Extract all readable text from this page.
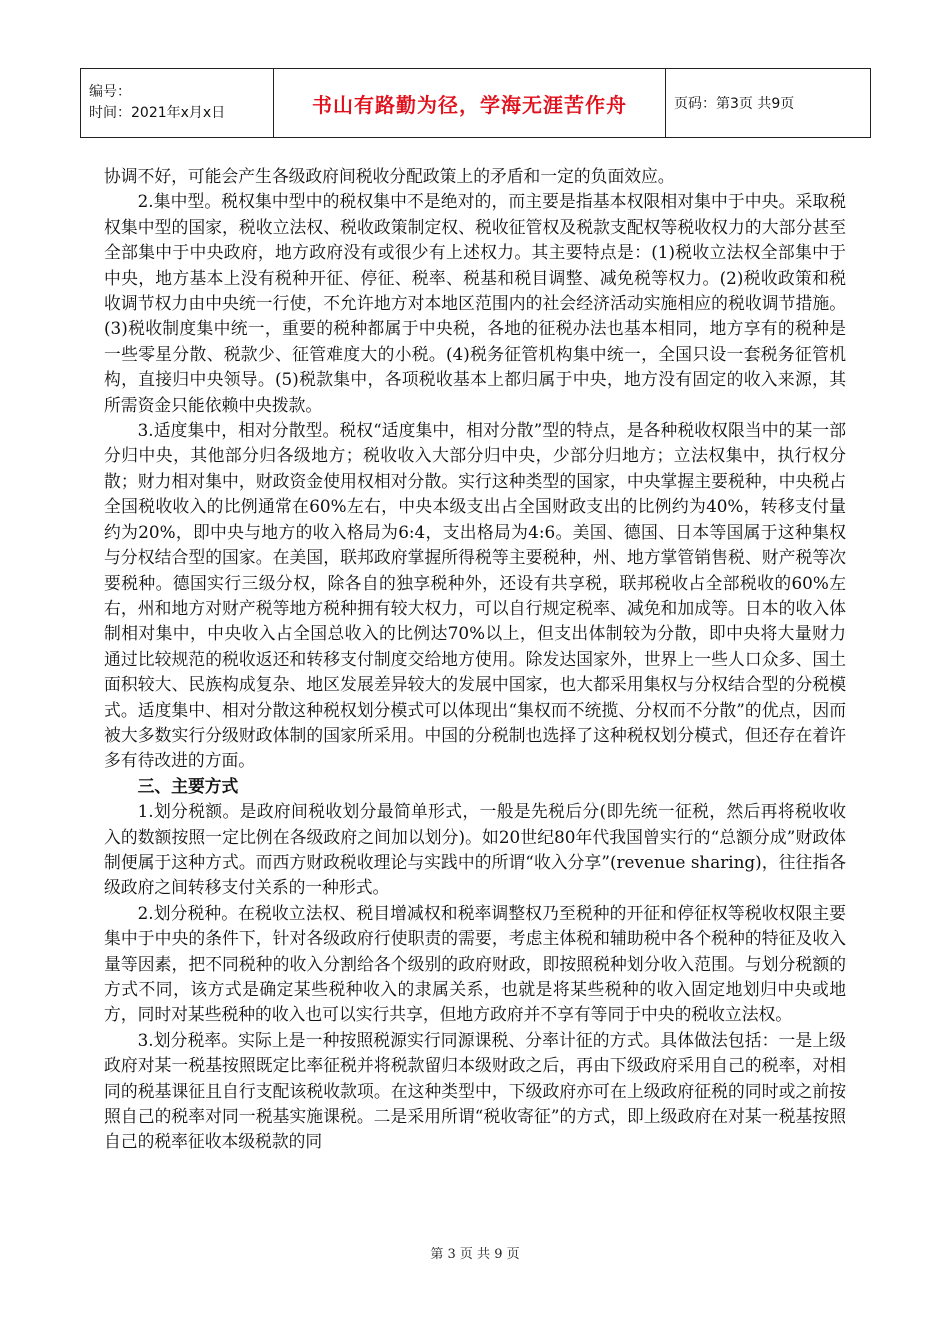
编号：
时间：2021年x月x日	书山有路勤为径，学海无涯苦作舟	页码：第3页 共9页

协调不好，可能会产生各级政府间税收分配政策上的矛盾和一定的负面效应。

2.集中型。税权集中型中的税权集中不是绝对的，而主要是指基本权限相对集中于中央。采取税权集中型的国家，税收立法权、税收政策制定权、税收征管权及税款支配权等税收权力的大部分甚至全部集中于中央政府，地方政府没有或很少有上述权力。其主要特点是：(1)税收立法权全部集中于中央，地方基本上没有税种开征、停征、税率、税基和税目调整、减免税等权力。(2)税收政策和税收调节权力由中央统一行使，不允许地方对本地区范围内的社会经济活动实施相应的税收调节措施。(3)税收制度集中统一，重要的税种都属于中央税，各地的征税办法也基本相同，地方享有的税种是一些零星分散、税款少、征管难度大的小税。(4)税务征管机构集中统一，全国只设一套税务征管机构，直接归中央领导。(5)税款集中，各项税收基本上都归属于中央，地方没有固定的收入来源，其所需资金只能依赖中央拨款。

3.适度集中，相对分散型。税权“适度集中，相对分散”型的特点，是各种税收权限当中的某一部分归中央，其他部分归各级地方；税收收入大部分归中央，少部分归地方；立法权集中，执行权分散；财力相对集中，财政资金使用权相对分散。实行这种类型的国家，中央掌握主要税种，中央税占全国税收收入的比例通常在60%左右，中央本级支出占全国财政支出的比例约为40%，转移支付量约为20%，即中央与地方的收入格局为6:4，支出格局为4:6。美国、德国、日本等国属于这种集权与分权结合型的国家。在美国，联邦政府掌握所得税等主要税种，州、地方掌管销售税、财产税等次要税种。德国实行三级分权，除各自的独享税种外，还设有共享税，联邦税收占全部税收的60%左右，州和地方对财产税等地方税种拥有较大权力，可以自行规定税率、减免和加成等。日本的收入体制相对集中，中央收入占全国总收入的比例达70%以上，但支出体制较为分散，即中央将大量财力通过比较规范的税收返还和转移支付制度交给地方使用。除发达国家外，世界上一些人口众多、国土面积较大、民族构成复杂、地区发展差异较大的发展中国家，也大都采用集权与分权结合型的分税模式。适度集中、相对分散这种税权划分模式可以体现出“集权而不统揽、分权而不分散”的优点，因而被大多数实行分级财政体制的国家所采用。中国的分税制也选择了这种税权划分模式，但还存在着许多有待改进的方面。

三、主要方式

1.划分税额。是政府间税收划分最简单形式，一般是先税后分(即先统一征税，然后再将税收收入的数额按照一定比例在各级政府之间加以划分)。如20世纪80年代我国曾实行的“总额分成”财政体制便属于这种方式。而西方财政税收理论与实践中的所谓“收入分享”(revenue sharing)，往往指各级政府之间转移支付关系的一种形式。

2.划分税种。在税收立法权、税目增减权和税率调整权乃至税种的开征和停征权等税收权限主要集中于中央的条件下，针对各级政府行使职责的需要，考虑主体税和辅助税中各个税种的特征及收入量等因素，把不同税种的收入分割给各个级别的政府财政，即按照税种划分收入范围。与划分税额的方式不同，该方式是确定某些税种收入的隶属关系，也就是将某些税种的收入固定地划归中央或地方，同时对某些税种的收入也可以实行共享，但地方政府并不享有等同于中央的税收立法权。

3.划分税率。实际上是一种按照税源实行同源课税、分率计征的方式。具体做法包括：一是上级政府对某一税基按照既定比率征税并将税款留归本级财政之后，再由下级政府采用自己的税率，对相同的税基课征且自行支配该税收款项。在这种类型中，下级政府亦可在上级政府征税的同时或之前按照自己的税率对同一税基实施课税。二是采用所谓“税收寄征”的方式，即上级政府在对某一税基按照自己的税率征收本级税款的同

第 3 页 共 9 页
